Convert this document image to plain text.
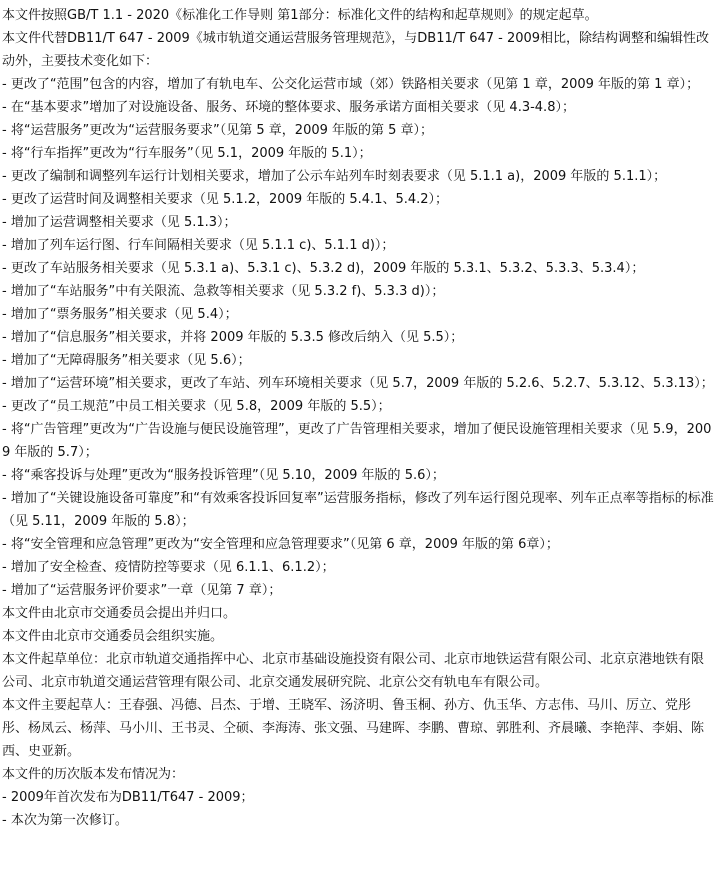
本文件按照GB/T 1.1 - 2020《标准化工作导则 第1部分：标准化文件的结构和起草规则》的规定起草。

本文件代替DB11/T 647 - 2009《城市轨道交通运营服务管理规范》，与DB11/T 647 - 2009相比，除结构调整和编辑性改动外，主要技术变化如下：

- 更改了“范围”包含的内容，增加了有轨电车、公交化运营市域（郊）铁路相关要求（见第 1 章，2009 年版的第 1 章）；

- 在“基本要求”增加了对设施设备、服务、环境的整体要求、服务承诺方面相关要求（见 4.3-4.8）；

- 将“运营服务”更改为“运营服务要求”（见第 5 章，2009 年版的第 5 章）；

- 将“行车指挥”更改为“行车服务”（见 5.1，2009 年版的 5.1）；

- 更改了编制和调整列车运行计划相关要求，增加了公示车站列车时刻表要求（见 5.1.1 a)，2009 年版的 5.1.1）；

- 更改了运营时间及调整相关要求（见 5.1.2，2009 年版的 5.4.1、5.4.2）；

- 增加了运营调整相关要求（见 5.1.3）；

- 增加了列车运行图、行车间隔相关要求（见 5.1.1 c)、5.1.1 d)）；

- 更改了车站服务相关要求（见 5.3.1 a)、5.3.1 c)、5.3.2 d)，2009 年版的 5.3.1、5.3.2、5.3.3、5.3.4）；

- 增加了“车站服务”中有关限流、急救等相关要求（见 5.3.2 f)、5.3.3 d)）；

- 增加了“票务服务”相关要求（见 5.4）；

- 增加了“信息服务”相关要求，并将 2009 年版的 5.3.5 修改后纳入（见 5.5）；

- 增加了“无障碍服务”相关要求（见 5.6）；

- 增加了“运营环境”相关要求，更改了车站、列车环境相关要求（见 5.7，2009 年版的 5.2.6、5.2.7、5.3.12、5.3.13）；

- 更改了“员工规范”中员工相关要求（见 5.8，2009 年版的 5.5）；

- 将“广告管理”更改为“广告设施与便民设施管理”，更改了广告管理相关要求，增加了便民设施管理相关要求（见 5.9，2009 年版的 5.7）；

- 将“乘客投诉与处理”更改为“服务投诉管理”（见 5.10，2009 年版的 5.6）；

- 增加了“关键设施设备可靠度”和“有效乘客投诉回复率”运营服务指标，修改了列车运行图兑现率、列车正点率等指标的标准（见 5.11，2009 年版的 5.8）；

- 将“安全管理和应急管理”更改为“安全管理和应急管理要求”（见第 6 章，2009 年版的第 6章）；

- 增加了安全检查、疫情防控等要求（见 6.1.1、6.1.2）；

- 增加了“运营服务评价要求”一章（见第 7 章）；

本文件由北京市交通委员会提出并归口。

本文件由北京市交通委员会组织实施。

本文件起草单位：北京市轨道交通指挥中心、北京市基础设施投资有限公司、北京市地铁运营有限公司、北京京港地铁有限公司、北京市轨道交通运营管理有限公司、北京交通发展研究院、北京公交有轨电车有限公司。

本文件主要起草人：王春强、冯德、吕杰、于增、王晓军、汤济明、鲁玉桐、孙方、仇玉华、方志伟、马川、厉立、党彤彤、杨凤云、杨萍、马小川、王书灵、仝硕、李海涛、张文强、马建晖、李鹏、曹琼、郭胜利、齐晨曦、李艳萍、李娟、陈西、史亚新。

本文件的历次版本发布情况为：

- 2009年首次发布为DB11/T647 - 2009；

- 本次为第一次修订。
